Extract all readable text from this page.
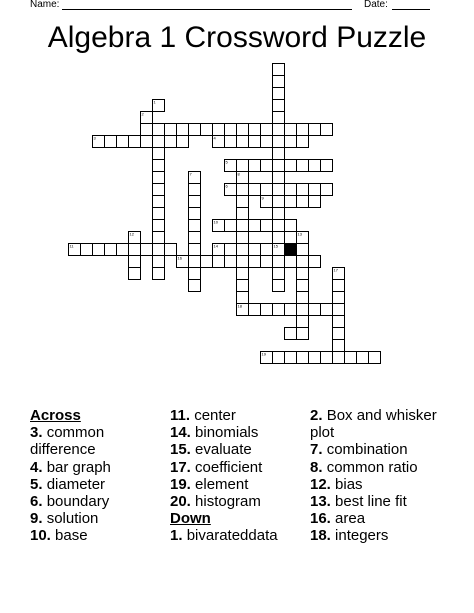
Name:	Date:
Algebra 1 Crossword Puzzle
1
2
3	4
5
6
7	8
9
10
11
12	13
14	15
16
17
18
19
Across
3. common difference
4. bar graph
5. diameter
6. boundary
9. solution
10. base
11. center
14. binomials
15. evaluate
17. coefficient
19. element
20. histogram
Down
1. bivarateddata
2. Box and whisker plot
7. combination
8. common ratio
12. bias
13. best line fit
16. area
18. integers
